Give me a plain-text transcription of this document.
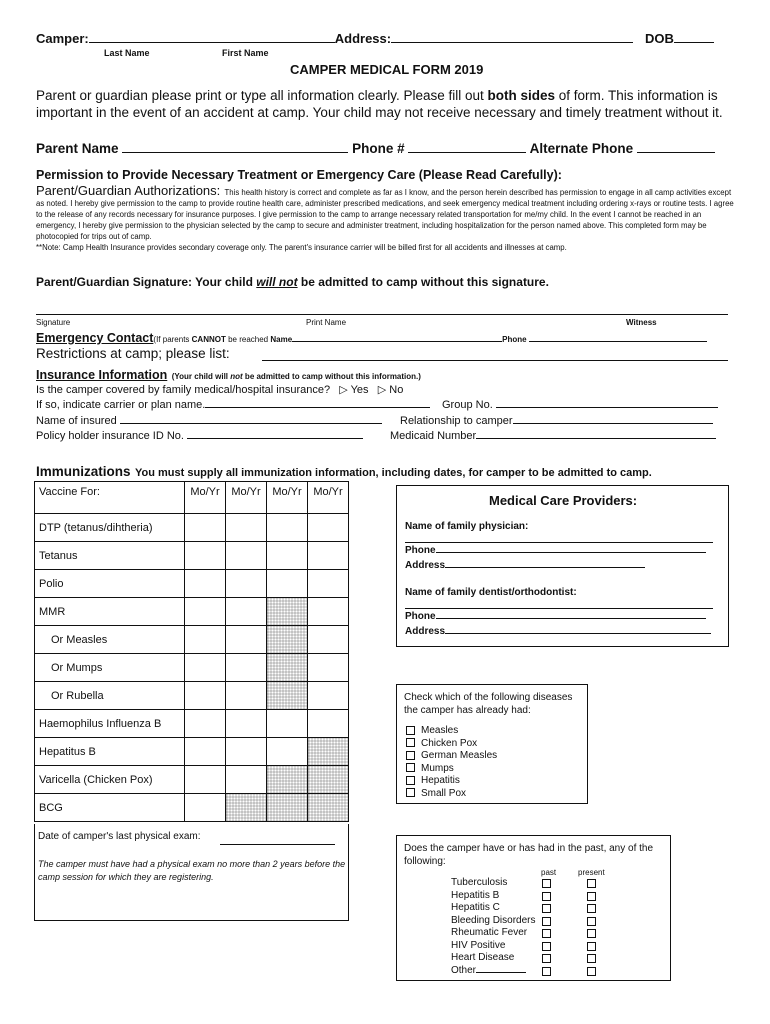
Camper:	Address:	DOB
Last Name	First Name
CAMPER MEDICAL FORM 2019
Parent or guardian please print or type all information clearly. Please fill out both sides of form. This information is important in the event of an accident at camp. Your child may not receive necessary and timely treatment without it.
Parent Name	Phone #	Alternate Phone
Permission to Provide Necessary Treatment or Emergency Care (Please Read Carefully):
Parent/Guardian Authorizations: This health history is correct and complete as far as I know, and the person herein described has permission to engage in all camp activities except as noted. I hereby give permission to the camp to provide routine health care, administer prescribed medications, and seek emergency medical treatment including ordering x-rays or routine tests. I agree to the release of any records necessary for insurance purposes. I give permission to the camp to arrange necessary related transportation for me/my child. In the event I cannot be reached in an emergency, I hereby give permission to the physician selected by the camp to secure and administer treatment, including hospitalization for the person named above. This completed form may be photocopied for trips out of camp.
**Note: Camp Health Insurance provides secondary coverage only. The parent's insurance carrier will be billed first for all accidents and illnesses at camp.
Parent/Guardian Signature: Your child will not be admitted to camp without this signature.
Signature	Print Name	Witness
Emergency Contact(If parents CANNOT be reached Name	Phone
Restrictions at camp; please list:
Insurance Information (Your child will not be admitted to camp without this information.)
Is the camper covered by family medical/hospital insurance? ▷ Yes ▷ No
If so, indicate carrier or plan name.	Group No.
Name of insured	Relationship to camper
Policy holder insurance ID No.	Medicaid Number
Immunizations You must supply all immunization information, including dates, for camper to be admitted to camp.
Vaccine For:	Mo/Yr	Mo/Yr	Mo/Yr	Mo/Yr
DTP (tetanus/dihtheria)				
Tetanus				
Polio				
MMR				
Or Measles				
Or Mumps				
Or Rubella				
Haemophilus Influenza B				
Hepatitus B				
Varicella (Chicken Pox)				
BCG				
Date of camper's last physical exam:
The camper must have had a physical exam no more than 2 years before the camp session for which they are registering.
Medical Care Providers:
Name of family physician:
Phone
Address
Name of family dentist/orthodontist:
Phone
Address
Check which of the following diseases the camper has already had:
Measles
Chicken Pox
German Measles
Mumps
Hepatitis
Small Pox
Does the camper have or has had in the past, any of the following:
past	present
Tuberculosis
Hepatitis B
Hepatitis C
Bleeding Disorders
Rheumatic Fever
HIV Positive
Heart Disease
Other
